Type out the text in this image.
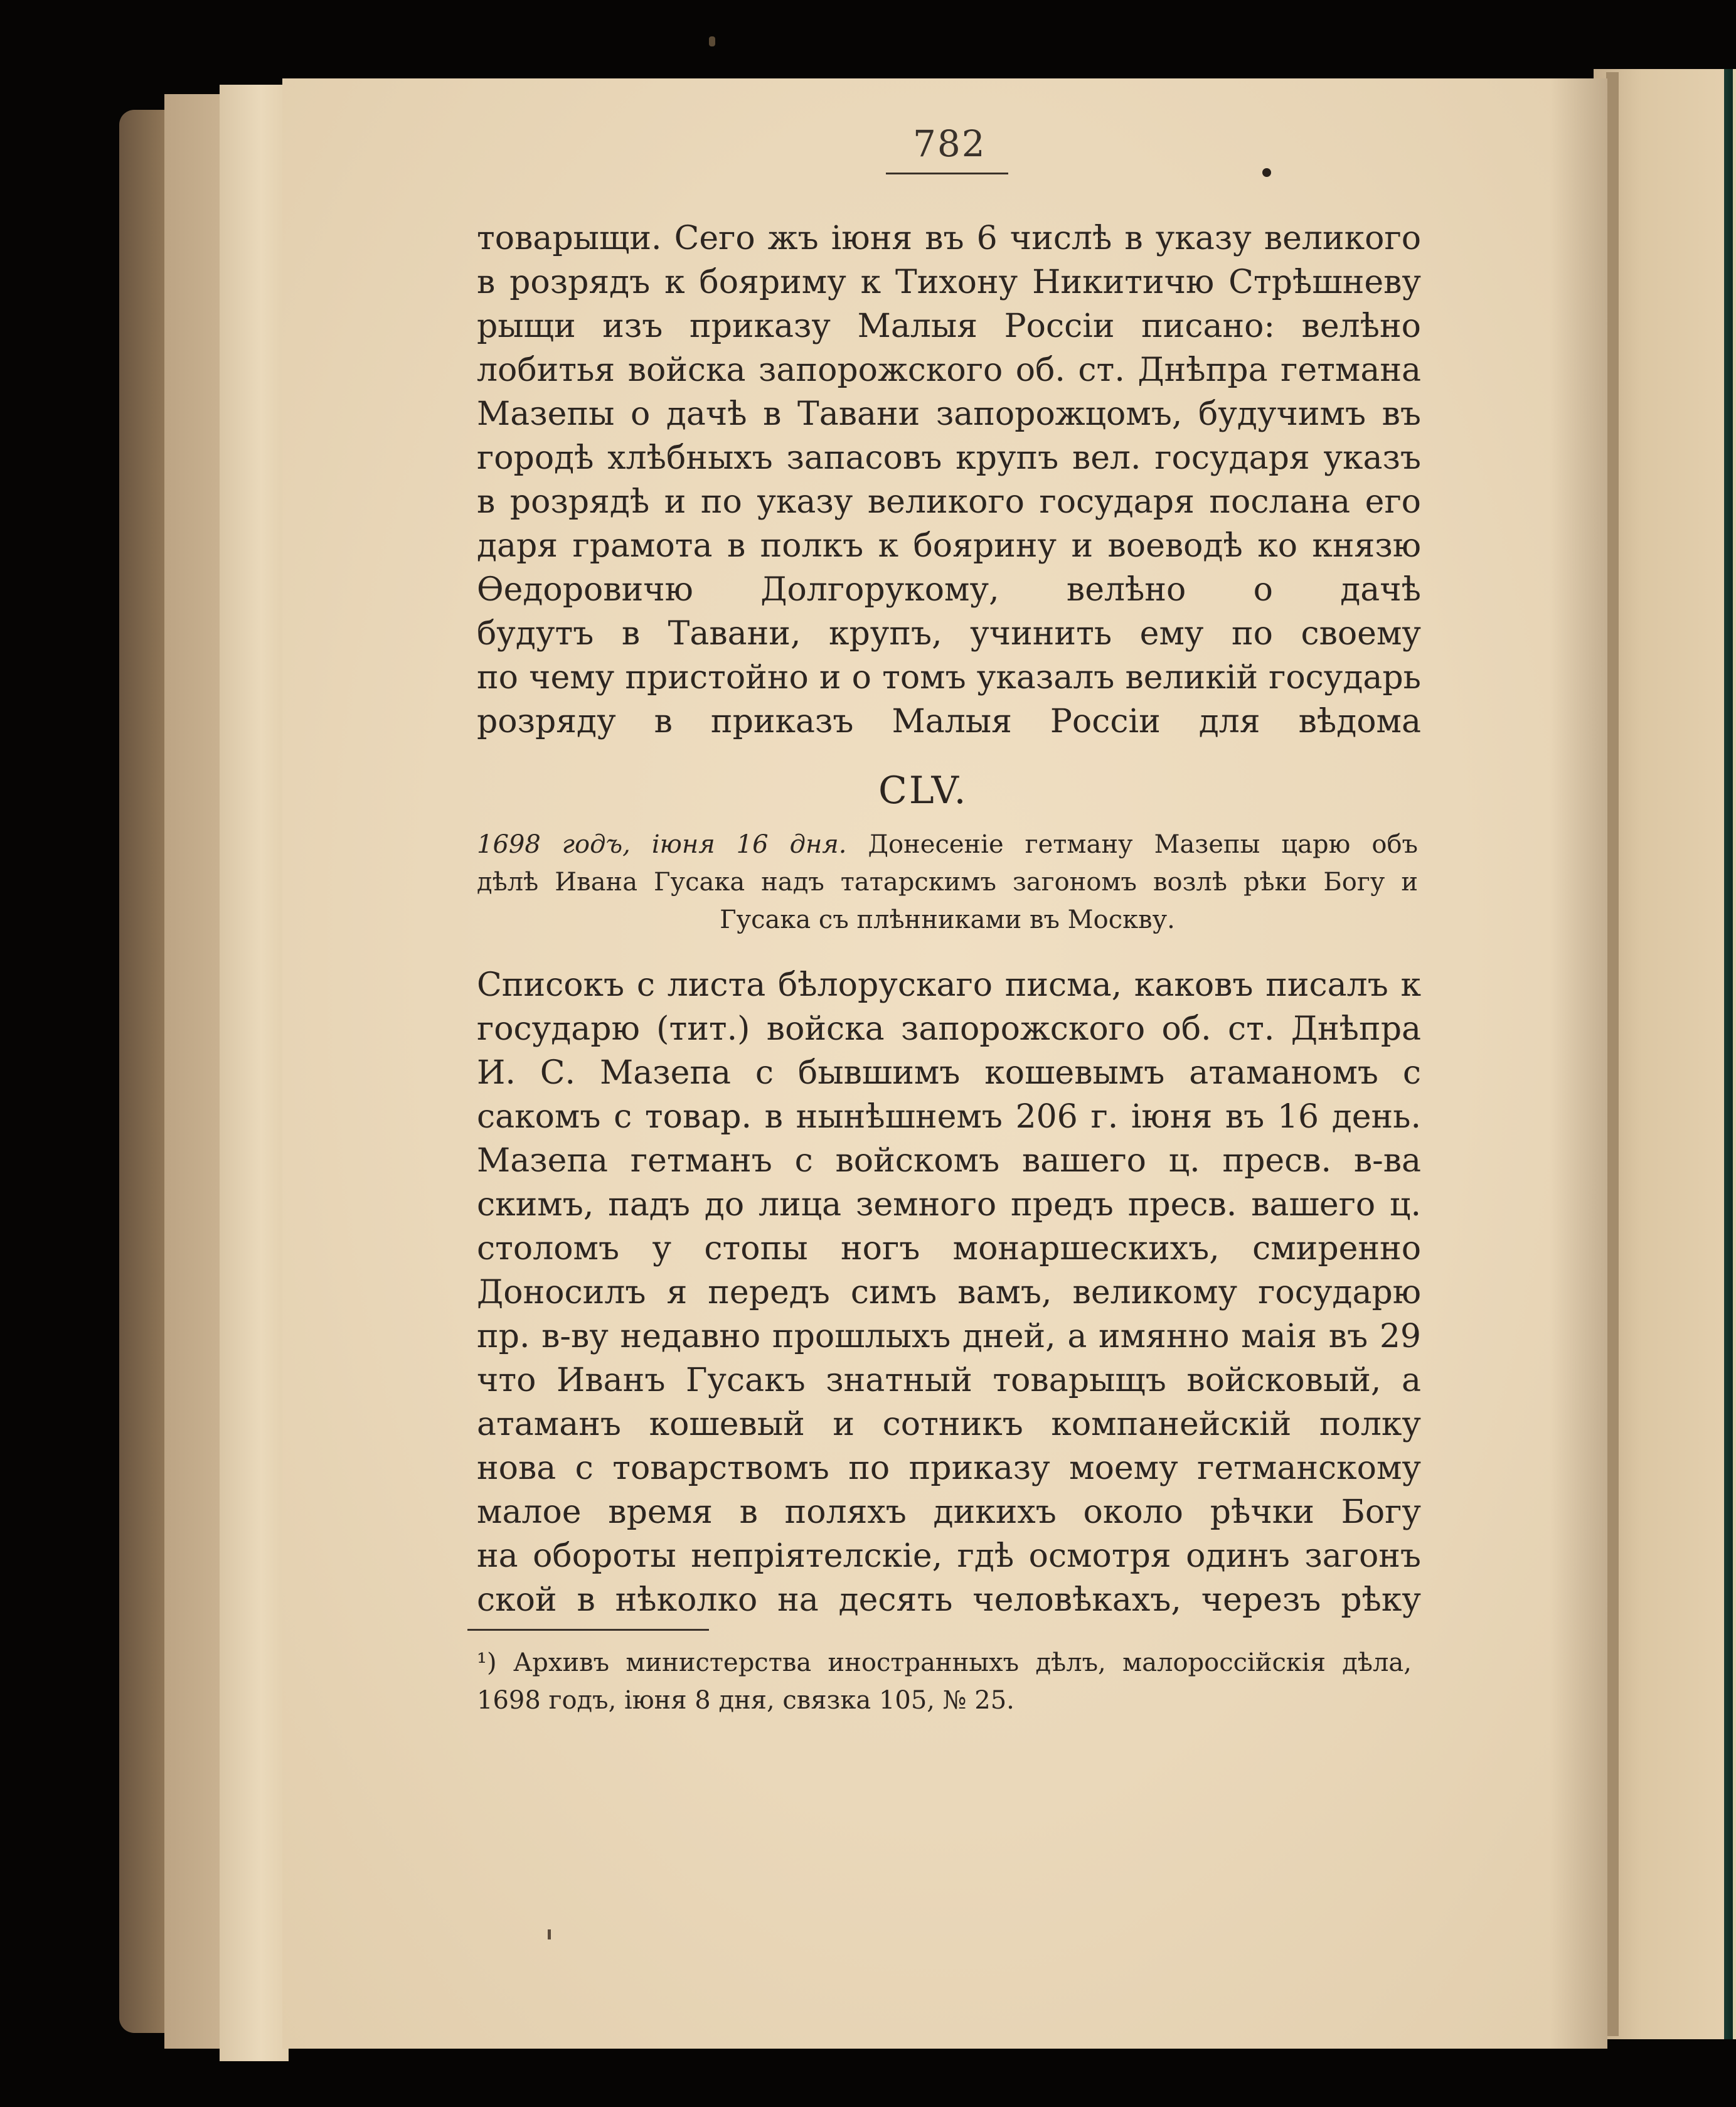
782
товарыщи. Сего жъ іюня въ 6 числѣ в указу великого
в розрядъ к бояриму к Тихону Никитичю Стрѣшневу
рыщи изъ приказу Малыя Россіи писано: велѣно
лобитья войска запорожского об. ст. Днѣпра гетмана
Мазепы о дачѣ в Тавани запорожцомъ, будучимъ въ
городѣ хлѣбныхъ запасовъ крупъ вел. государя указъ
в розрядѣ и по указу великого государя послана его
даря грамота в полкъ к боярину и воеводѣ ко князю
Ѳедоровичю Долгорукому, велѣно о дачѣ
будутъ в Тавани, крупъ, учинить ему по своему
по чему пристойно и о томъ указалъ великій государь
розряду в приказъ Малыя Россіи для вѣдома
CLV.
1698 годъ, іюня 16 дня. Донесеніе гетману Мазепы царю объ
дѣлѣ Ивана Гусака надъ татарскимъ загономъ возлѣ рѣки Богу и
Гусака съ плѣнниками въ Москву.
Списокъ с листа бѣлорускаго писма, каковъ писалъ к
государю (тит.) войска запорожского об. ст. Днѣпра
И. С. Мазепа с бывшимъ кошевымъ атаманомъ с
сакомъ с товар. в нынѣшнемъ 206 г. іюня въ 16 день.
Мазепа гетманъ с войскомъ вашего ц. пресв. в-ва
скимъ, падъ до лица земного предъ пресв. вашего ц.
столомъ у стопы ногъ монаршескихъ, смиренно
Доносилъ я передъ симъ вамъ, великому государю
пр. в-ву недавно прошлыхъ дней, а имянно маія въ 29
что Иванъ Гусакъ знатный товарыщъ войсковый, а
атаманъ кошевый и сотникъ компанейскій полку
нова с товарствомъ по приказу моему гетманскому
малое время в поляхъ дикихъ около рѣчки Богу
на обороты непріятелскіе, гдѣ осмотря одинъ загонъ
ской в нѣколко на десять человѣкахъ, черезъ рѣку
¹) Архивъ министерства иностранныхъ дѣлъ, малороссійскія дѣла,
1698 годъ, іюня 8 дня, связка 105, № 25.
